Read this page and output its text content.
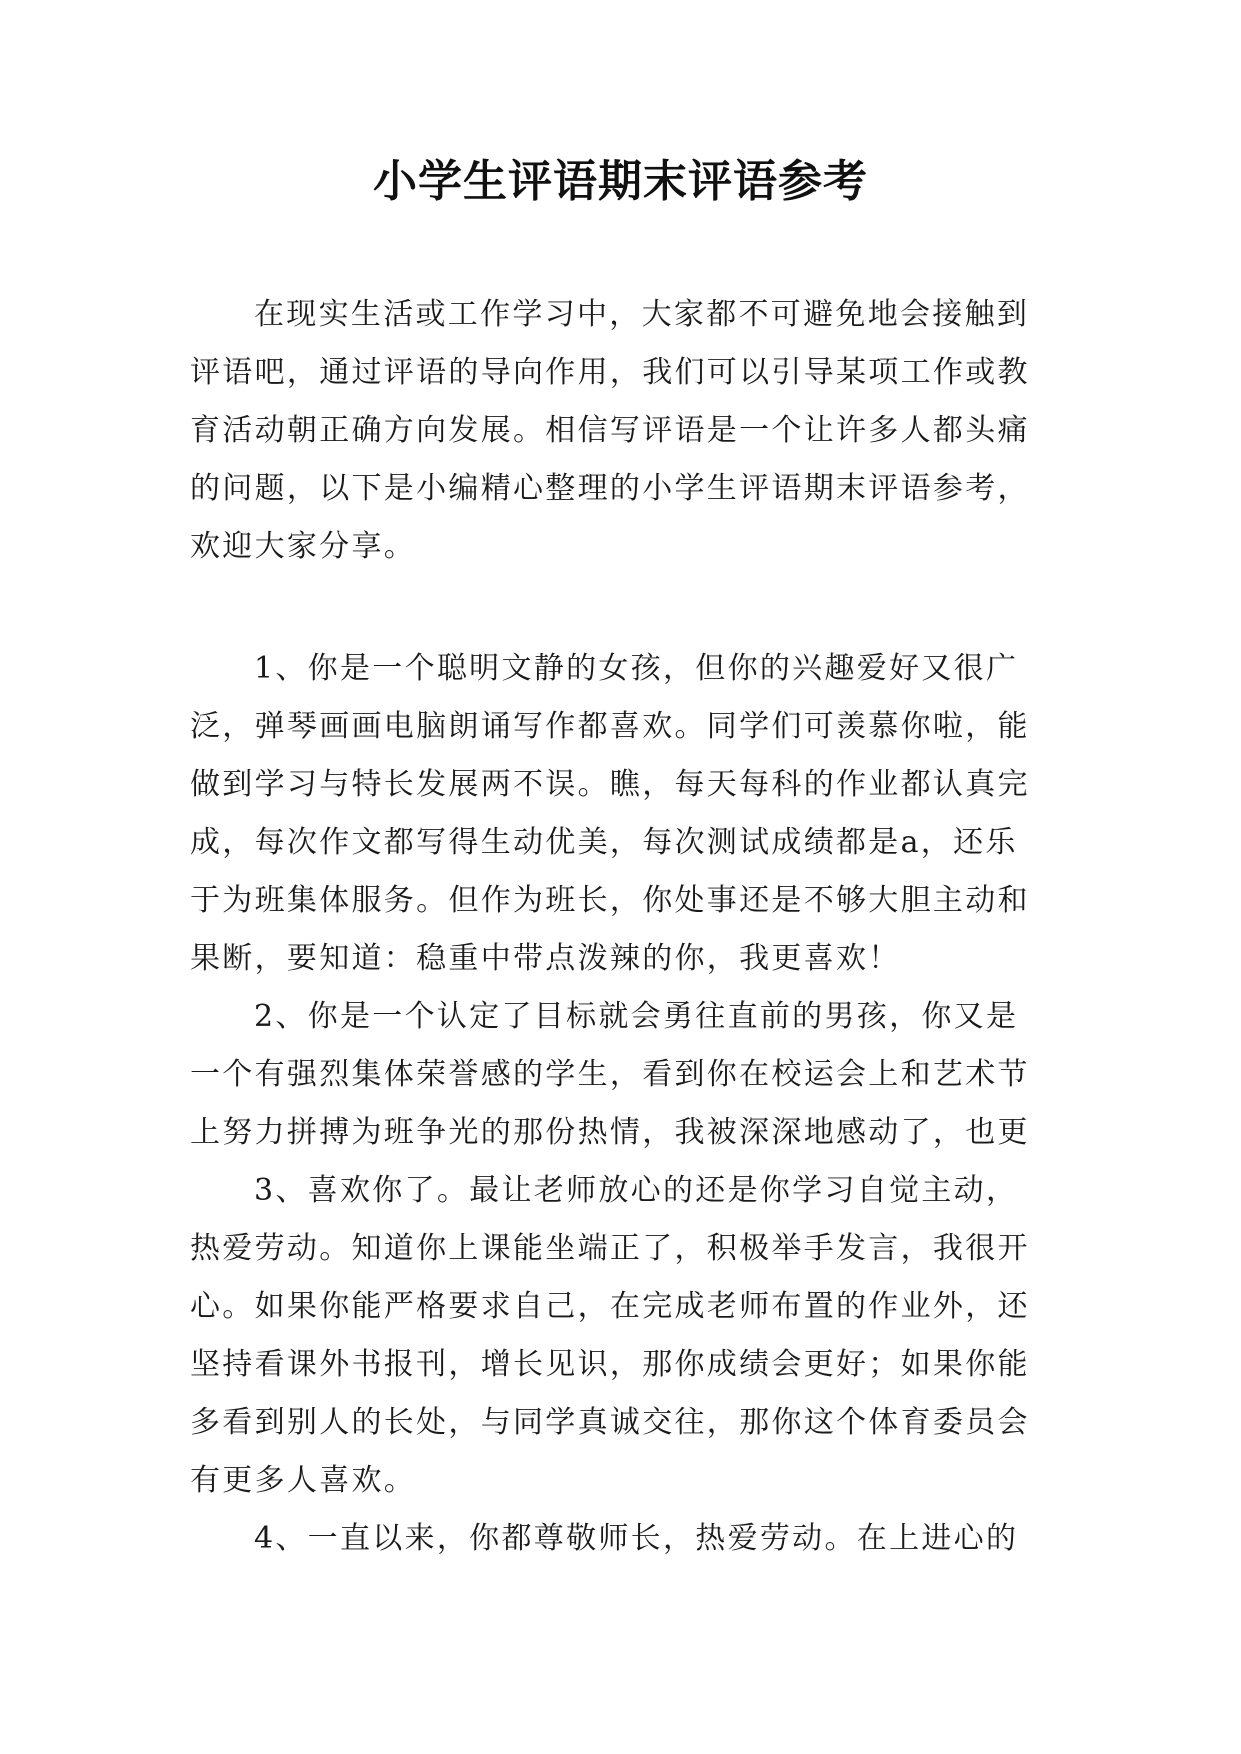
小学生评语期末评语参考

在现实生活或工作学习中，大家都不可避免地会接触到
评语吧，通过评语的导向作用，我们可以引导某项工作或教
育活动朝正确方向发展。相信写评语是一个让许多人都头痛
的问题，以下是小编精心整理的小学生评语期末评语参考，
欢迎大家分享。

1、你是一个聪明文静的女孩，但你的兴趣爱好又很广
泛，弹琴画画电脑朗诵写作都喜欢。同学们可羡慕你啦，能
做到学习与特长发展两不误。瞧，每天每科的作业都认真完
成，每次作文都写得生动优美，每次测试成绩都是a，还乐
于为班集体服务。但作为班长，你处事还是不够大胆主动和
果断，要知道：稳重中带点泼辣的你，我更喜欢！

2、你是一个认定了目标就会勇往直前的男孩，你又是
一个有强烈集体荣誉感的学生，看到你在校运会上和艺术节
上努力拼搏为班争光的那份热情，我被深深地感动了，也更

3、喜欢你了。最让老师放心的还是你学习自觉主动，
热爱劳动。知道你上课能坐端正了，积极举手发言，我很开
心。如果你能严格要求自己，在完成老师布置的作业外，还
坚持看课外书报刊，增长见识，那你成绩会更好；如果你能
多看到别人的长处，与同学真诚交往，那你这个体育委员会
有更多人喜欢。

4、一直以来，你都尊敬师长，热爱劳动。在上进心的
